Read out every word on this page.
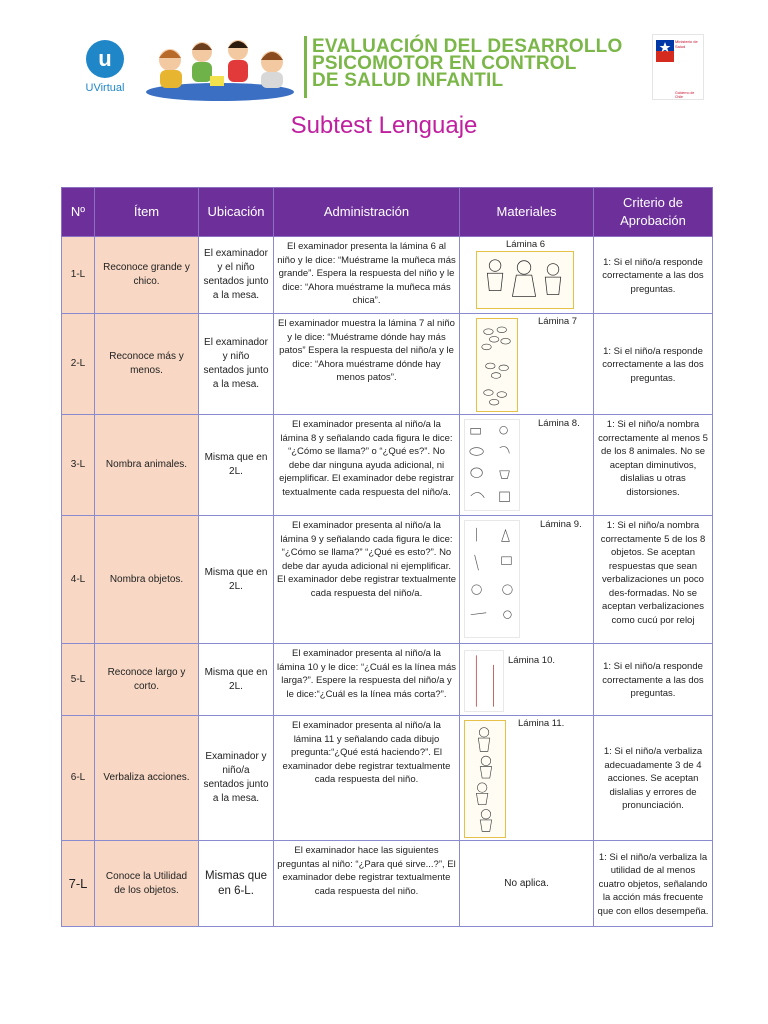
u
UVirtual
EVALUACIÓN DEL DESARROLLO
PSICOMOTOR EN CONTROL
DE SALUD INFANTIL
Ministerio de Salud
Gobierno de Chile
Subtest Lenguaje
Nº	Ítem	Ubicación	Administración	Materiales	Criterio de Aprobación
1-L	Reconoce grande y chico.	El examinador y el niño sentados junto a la mesa.	El examinador presenta la lámina 6 al niño y le dice: “Muéstrame la muñeca más grande”. Espera la respuesta del niño y le dice: “Ahora muéstrame la muñeca más chica”.	Lámina 6	1: Si el niño/a responde correctamente a las dos preguntas.
2-L	Reconoce más y menos.	El examinador y niño sentados junto a la mesa.	El examinador muestra la lámina 7 al niño y le dice: “Muéstrame dónde hay más patos” Espera la respuesta del niño/a y le dice: “Ahora muéstrame dónde hay menos patos”.	Lámina 7	1: Si el niño/a responde correctamente a las dos preguntas.
3-L	Nombra animales.	Misma que en 2L.	El examinador presenta al niño/a la lámina 8 y señalando cada figura le dice: “¿Cómo se llama?” o “¿Qué es?”. No debe dar ninguna ayuda adicional, ni ejemplificar. El examinador debe registrar textualmente cada respuesta del niño/a.	Lámina 8.	1: Si el niño/a nombra correctamente al menos 5 de los 8 animales. No se aceptan diminutivos, dislalias u otras distorsiones.
4-L	Nombra objetos.	Misma que en 2L.	El examinador presenta al niño/a la lámina 9 y señalando cada figura le dice: “¿Cómo se llama?” “¿Qué es esto?”. No debe dar ayuda adicional ni ejemplificar. El examinador debe registrar textualmente cada respuesta del niño/a.	Lámina 9.	1: Si el niño/a nombra correctamente 5 de los 8 objetos. Se aceptan respuestas que sean verbalizaciones un poco des-formadas. No se aceptan verbalizaciones como cucú por reloj
5-L	Reconoce largo y corto.	Misma que en 2L.	El examinador presenta al niño/a la lámina 10 y le dice: “¿Cuál es la línea más larga?”. Espere la respuesta del niño/a y le dice:“¿Cuál es la línea más corta?”.	Lámina 10.	1: Si el niño/a responde correctamente a las dos preguntas.
6-L	Verbaliza acciones.	Examinador y niño/a sentados junto a la mesa.	El examinador presenta al niño/a la lámina 11 y señalando cada dibujo pregunta:“¿Qué está haciendo?”. El examinador debe registrar textualmente cada respuesta del niño.	Lámina 11.	1: Si el niño/a verbaliza adecuadamente 3 de 4 acciones. Se aceptan dislalias y errores de pronunciación.
7-L	Conoce la Utilidad de los objetos.	Mismas que en 6-L.	El examinador hace las siguientes preguntas al niño: “¿Para qué sirve...?”, El examinador debe registrar textualmente cada respuesta del niño.	No aplica.	1: Si el niño/a verbaliza la utilidad de al menos cuatro objetos, señalando la acción más frecuente que con ellos desempeña.
